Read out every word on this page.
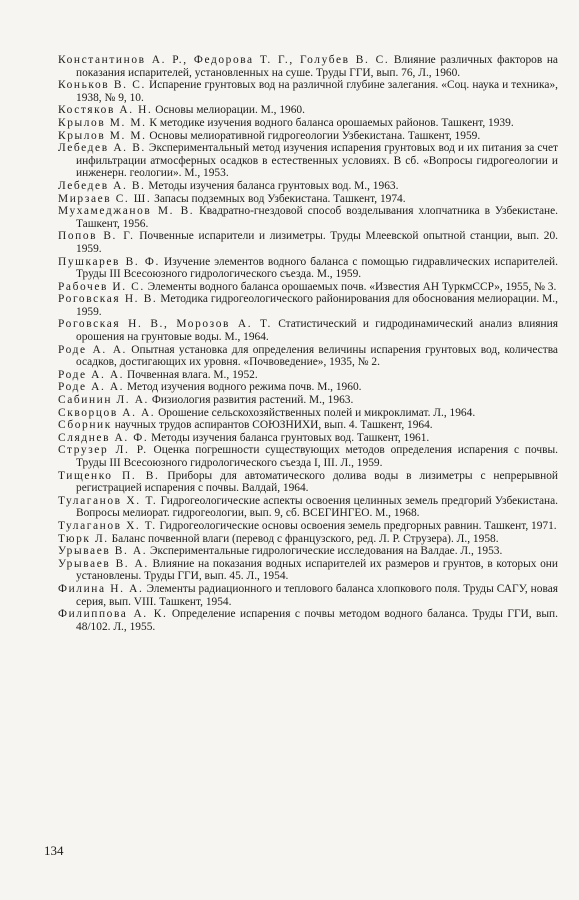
Константинов А. Р., Федорова Т. Г., Голубев В. С. Влияние различных факторов на показания испарителей, установленных на суше. Труды ГГИ, вып. 76, Л., 1960.
Коньков В. С. Испарение грунтовых вод на различной глубине залегания. «Соц. наука и техника», 1938, № 9, 10.
Костяков А. Н. Основы мелиорации. М., 1960.
Крылов М. М. К методике изучения водного баланса орошаемых районов. Ташкент, 1939.
Крылов М. М. Основы мелиоративной гидрогеологии Узбекистана. Ташкент, 1959.
Лебедев А. В. Экспериментальный метод изучения испарения грунтовых вод и их питания за счет инфильтрации атмосферных осадков в естественных условиях. В сб. «Вопросы гидрогеологии и инженерн. геологии». М., 1953.
Лебедев А. В. Методы изучения баланса грунтовых вод. М., 1963.
Мирзаев С. Ш. Запасы подземных вод Узбекистана. Ташкент, 1974.
Мухамеджанов М. В. Квадратно-гнездовой способ возделывания хлопчатника в Узбекистане. Ташкент, 1956.
Попов В. Г. Почвенные испарители и лизиметры. Труды Млеевской опытной станции, вып. 20. 1959.
Пушкарев В. Ф. Изучение элементов водного баланса с помощью гидравлических испарителей. Труды III Всесоюзного гидрологического съезда. М., 1959.
Рабочев И. С. Элементы водного баланса орошаемых почв. «Известия АН ТуркмССР», 1955, № 3.
Роговская Н. В. Методика гидрогеологического районирования для обоснования мелиорации. М., 1959.
Роговская Н. В., Морозов А. Т. Статистический и гидродинамический анализ влияния орошения на грунтовые воды. М., 1964.
Роде А. А. Опытная установка для определения величины испарения грунтовых вод, количества осадков, достигающих их уровня. «Почвоведение», 1935, № 2.
Роде А. А. Почвенная влага. М., 1952.
Роде А. А. Метод изучения водного режима почв. М., 1960.
Сабинин Л. А. Физиология развития растений. М., 1963.
Скворцов А. А. Орошение сельскохозяйственных полей и микроклимат. Л., 1964.
Сборник научных трудов аспирантов СОЮЗНИХИ, вып. 4. Ташкент, 1964.
Сляднев А. Ф. Методы изучения баланса грунтовых вод. Ташкент, 1961.
Струзер Л. Р. Оценка погрешности существующих методов определения испарения с почвы. Труды III Всесоюзного гидрологического съезда I, III. Л., 1959.
Тищенко П. В. Приборы для автоматического долива воды в лизиметры с непрерывной регистрацией испарения с почвы. Валдай, 1964.
Тулаганов Х. Т. Гидрогеологические аспекты освоения целинных земель предгорий Узбекистана. Вопросы мелиорат. гидрогеологии, вып. 9, сб. ВСЕГИНГЕО. М., 1968.
Тулаганов Х. Т. Гидрогеологические основы освоения земель предгорных равнин. Ташкент, 1971.
Тюрк Л. Баланс почвенной влаги (перевод с французского, ред. Л. Р. Струзера). Л., 1958.
Урываев В. А. Экспериментальные гидрологические исследования на Валдае. Л., 1953.
Урываев В. А. Влияние на показания водных испарителей их размеров и грунтов, в которых они установлены. Труды ГГИ, вып. 45. Л., 1954.
Филина Н. А. Элементы радиационного и теплового баланса хлопкового поля. Труды САГУ, новая серия, вып. VIII. Ташкент, 1954.
Филиппова А. К. Определение испарения с почвы методом водного баланса. Труды ГГИ, вып. 48/102. Л., 1955.
134
